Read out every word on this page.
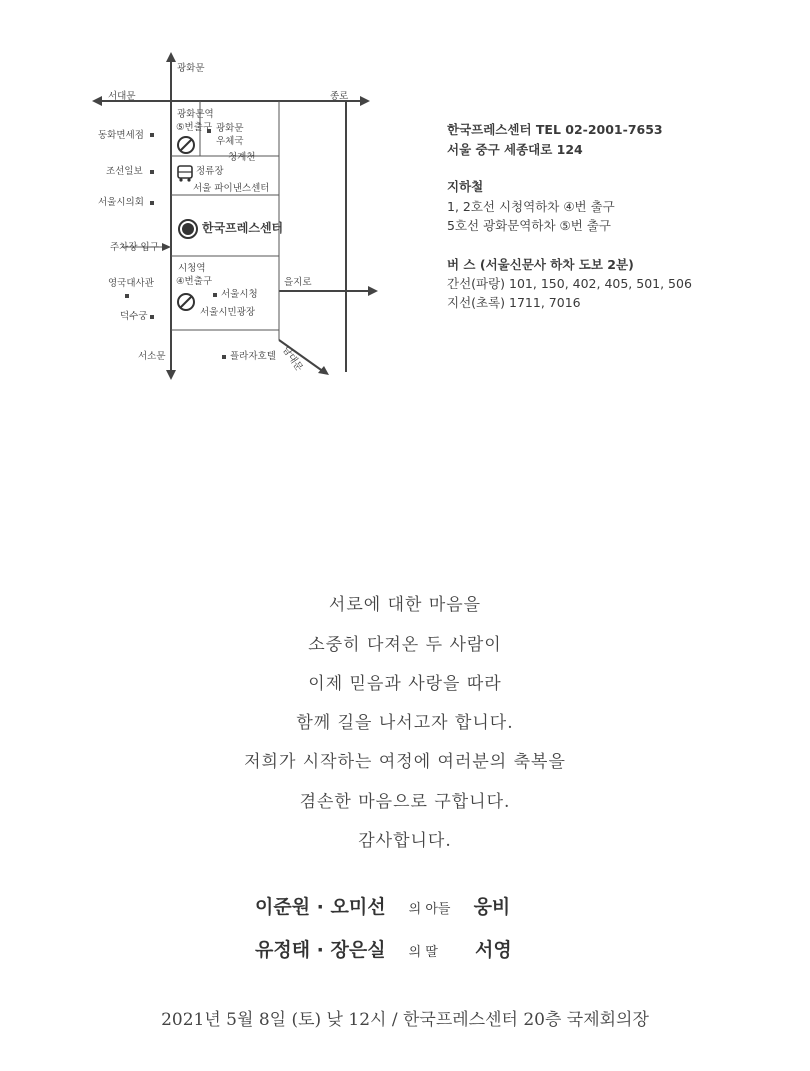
광화문
서대문	종로
광화문역
⑤번출구
동화면세점
광화문
우체국
청계천
조선일보	정류장
서울 파이낸스센터
서울시의회
한국프레스센터
주차장 입구
시청역
④번출구
영국대사관
서울시청
을지로
덕수궁	서울시민광장
서소문	플라자호텔 남대문
한국프레스센터 TEL 02-2001-7653
서울 중구 세종대로 124
지하철
1, 2호선 시청역하차 ④번 출구
5호선 광화문역하차 ⑤번 출구
버 스 (서울신문사 하차 도보 2분)
간선(파랑) 101, 150, 402, 405, 501, 506
지선(초록) 1711, 7016
서로에 대한 마음을
소중히 다져온 두 사람이
이제 믿음과 사랑을 따라
함께 길을 나서고자 합니다.
저희가 시작하는 여정에 여러분의 축복을
겸손한 마음으로 구합니다.
감사합니다.
이준원 · 오미선 의 아들 웅비
유정태 · 장은실 의 딸 서영
2021년 5월 8일 (토) 낮 12시 / 한국프레스센터 20층 국제회의장
